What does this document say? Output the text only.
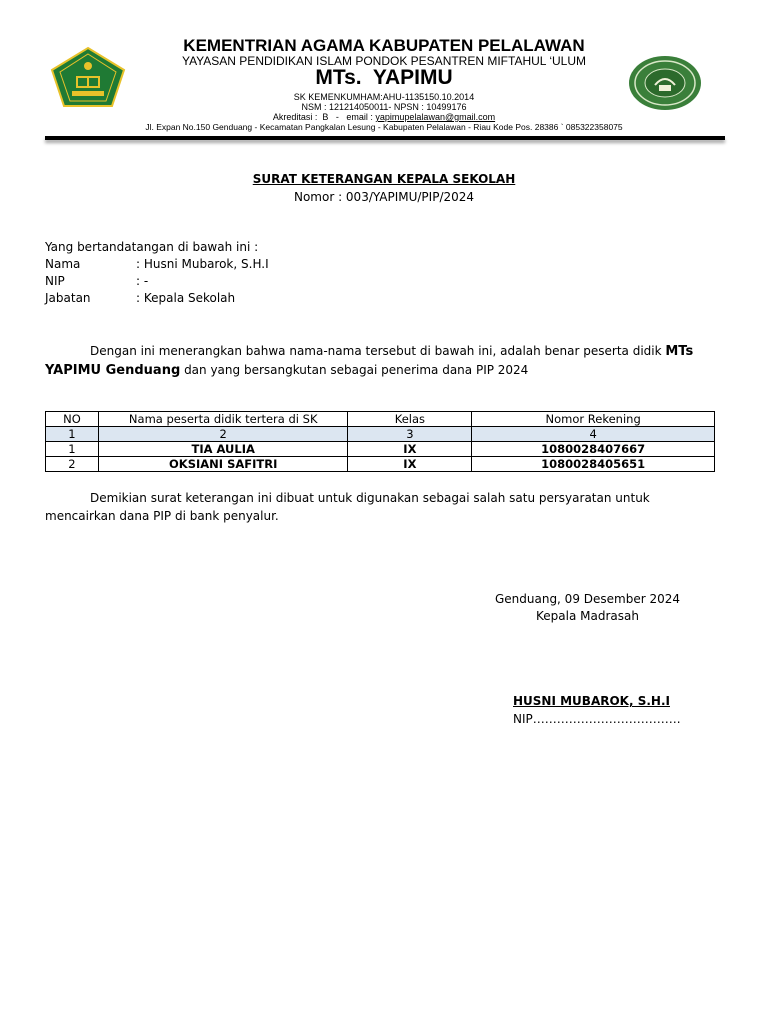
KEMENTRIAN AGAMA KABUPATEN PELALAWAN
YAYASAN PENDIDIKAN ISLAM PONDOK PESANTREN MIFTAHUL ‘ULUM
MTs.  YAPIMU
SK KEMENKUMHAM:AHU-1135150.10.2014
NSM : 121214050011- NPSN : 10499176
Akreditasi :  B   -   email : yapimupelalawan@gmail.com
Jl. Expan No.150 Genduang - Kecamatan Pangkalan Lesung - Kabupaten Pelalawan - Riau Kode Pos. 28386 ` 085322358075
SURAT KETERANGAN KEPALA SEKOLAH
Nomor : 003/YAPIMU/PIP/2024
Yang bertandatangan di bawah ini :
Nama	: Husni Mubarok, S.H.I
NIP	: -
Jabatan	: Kepala Sekolah
Dengan ini menerangkan bahwa nama-nama tersebut di bawah ini, adalah benar peserta didik MTs
YAPIMU Genduang dan yang bersangkutan sebagai penerima dana PIP 2024
NO	Nama peserta didik tertera di SK	Kelas	Nomor Rekening
1	2	3	4
1	TIA AULIA	IX	1080028407667
2	OKSIANI SAFITRI	IX	1080028405651
Demikian surat keterangan ini dibuat untuk digunakan sebagai salah satu persyaratan untuk
mencairkan dana PIP di bank penyalur.
Genduang, 09 Desember 2024
Kepala Madrasah
HUSNI MUBAROK, S.H.I
NIP……………………………….
